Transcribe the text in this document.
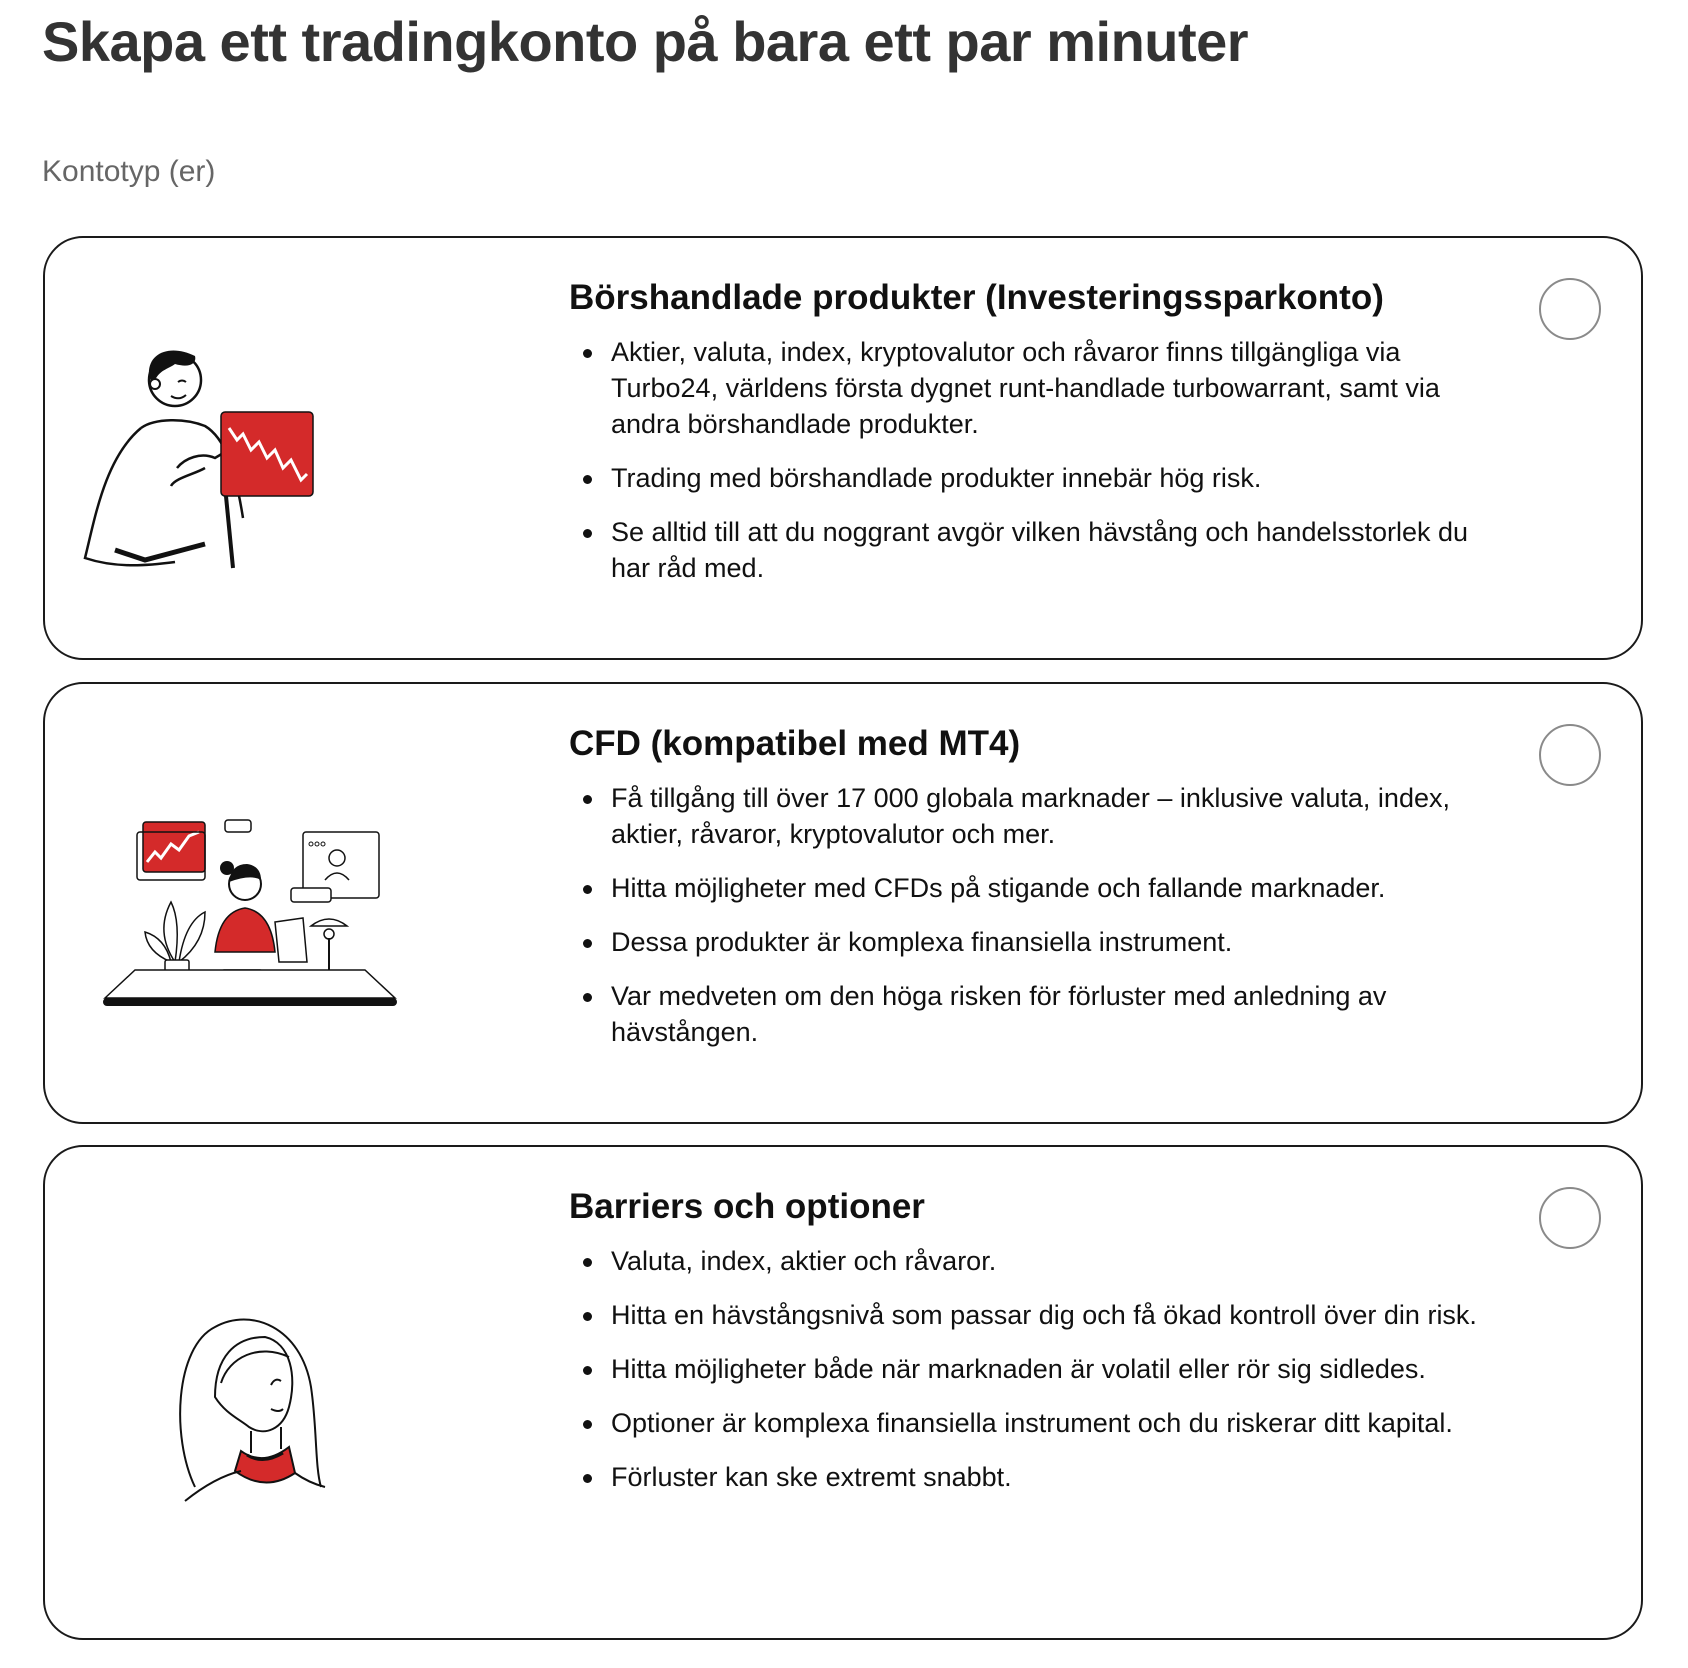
Skapa ett tradingkonto på bara ett par minuter
Kontotyp (er)
Börshandlade produkter (Investeringssparkonto)
Aktier, valuta, index, kryptovalutor och råvaror finns tillgängliga via Turbo24, världens första dygnet runt-handlade turbowarrant, samt via andra börshandlade produkter.
Trading med börshandlade produkter innebär hög risk.
Se alltid till att du noggrant avgör vilken hävstång och handelsstorlek du har råd med.
CFD (kompatibel med MT4)
Få tillgång till över 17 000 globala marknader – inklusive valuta, index, aktier, råvaror, kryptovalutor och mer.
Hitta möjligheter med CFDs på stigande och fallande marknader.
Dessa produkter är komplexa finansiella instrument.
Var medveten om den höga risken för förluster med anledning av hävstången.
Barriers och optioner
Valuta, index, aktier och råvaror.
Hitta en hävstångsnivå som passar dig och få ökad kontroll över din risk.
Hitta möjligheter både när marknaden är volatil eller rör sig sidledes.
Optioner är komplexa finansiella instrument och du riskerar ditt kapital.
Förluster kan ske extremt snabbt.
